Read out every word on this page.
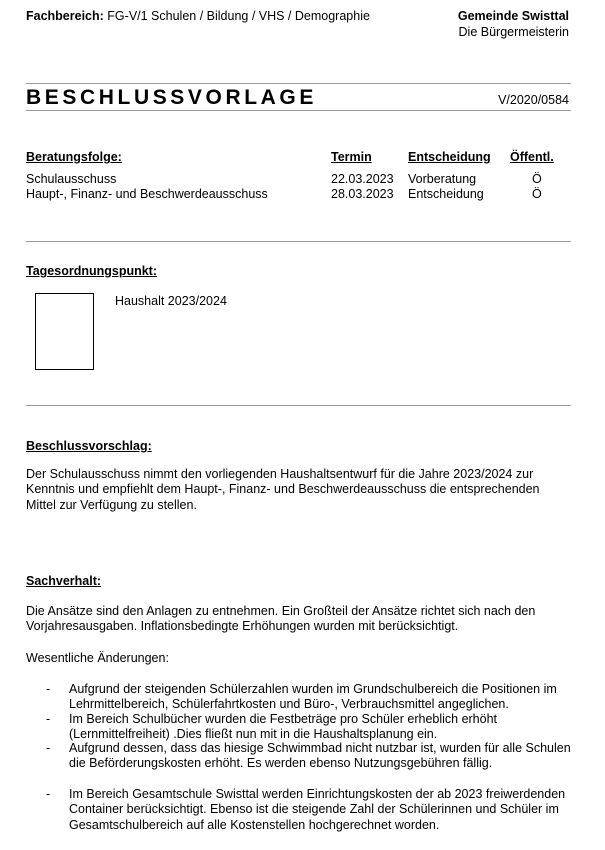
Fachbereich: FG-V/1 Schulen / Bildung / VHS / Demographie	Gemeinde Swisttal
Die Bürgermeisterin
BESCHLUSSVORLAGE	V/2020/0584
Beratungsfolge:	Termin	Entscheidung Öffentl.
Schulausschuss	22.03.2023 Vorberatung	Ö
Haupt-, Finanz- und Beschwerdeausschuss	28.03.2023 Entscheidung	Ö
Tagesordnungspunkt:
Haushalt 2023/2024
Beschlussvorschlag:
Der Schulausschuss nimmt den vorliegenden Haushaltsentwurf für die Jahre 2023/2024 zur Kenntnis und empfiehlt dem Haupt-, Finanz- und Beschwerdeausschuss die entsprechenden Mittel zur Verfügung zu stellen.
Sachverhalt:
Die Ansätze sind den Anlagen zu entnehmen. Ein Großteil der Ansätze richtet sich nach den Vorjahresausgaben. Inflationsbedingte Erhöhungen wurden mit berücksichtigt.
Wesentliche Änderungen:
- Aufgrund der steigenden Schülerzahlen wurden im Grundschulbereich die Positionen im Lehrmittelbereich, Schülerfahrtkosten und Büro-, Verbrauchsmittel angeglichen.
- Im Bereich Schulbücher wurden die Festbeträge pro Schüler erheblich erhöht (Lernmittelfreiheit) .Dies fließt nun mit in die Haushaltsplanung ein.
- Aufgrund dessen, dass das hiesige Schwimmbad nicht nutzbar ist, wurden für alle Schulen die Beförderungskosten erhöht. Es werden ebenso Nutzungsgebühren fällig.
- Im Bereich Gesamtschule Swisttal werden Einrichtungskosten der ab 2023 freiwerdenden Container berücksichtigt. Ebenso ist die steigende Zahl der Schülerinnen und Schüler im Gesamtschulbereich auf alle Kostenstellen hochgerechnet worden.
